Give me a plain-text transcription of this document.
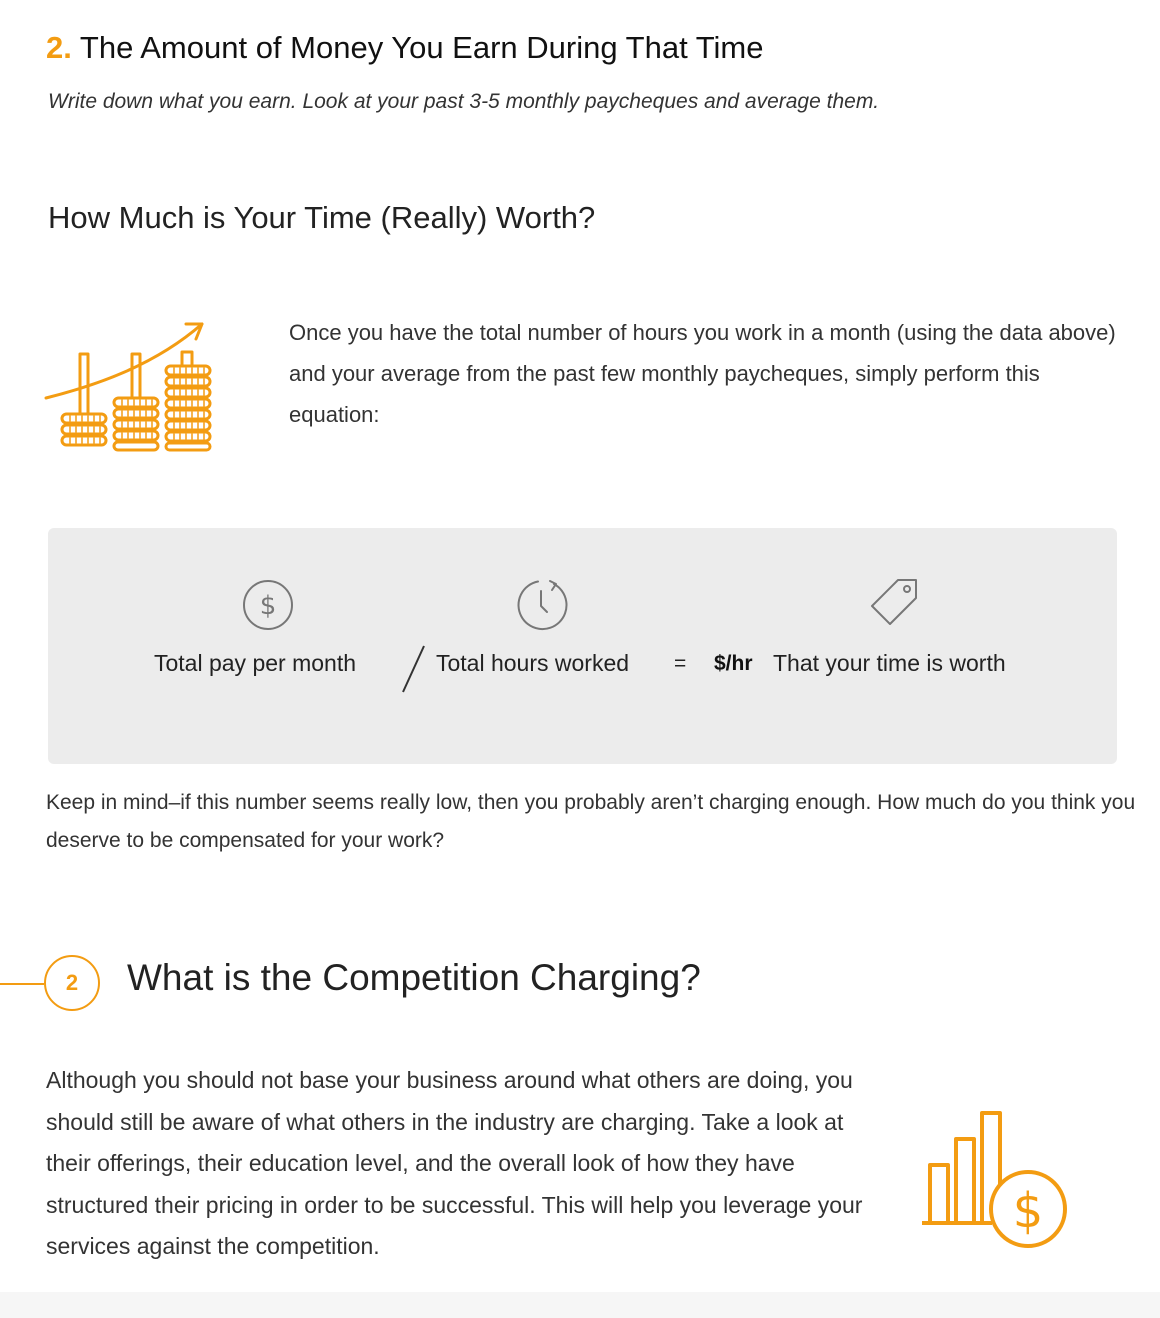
2. The Amount of Money You Earn During That Time
Write down what you earn. Look at your past 3-5 monthly paycheques and average them.
How Much is Your Time (Really) Worth?
Once you have the total number of hours you work in a month (using the data above) and your average from the past few monthly paycheques, simply perform this equation:
$
Total pay per month	Total hours worked = $/hr That your time is worth
Keep in mind–if this number seems really low, then you probably aren’t charging enough. How much do you think you deserve to be compensated for your work?
2	What is the Competition Charging?
Although you should not base your business around what others are doing, you should still be aware of what others in the industry are charging. Take a look at their offerings, their education level, and the overall look of how they have structured their pricing in order to be successful. This will help you leverage your services against the competition.
$
